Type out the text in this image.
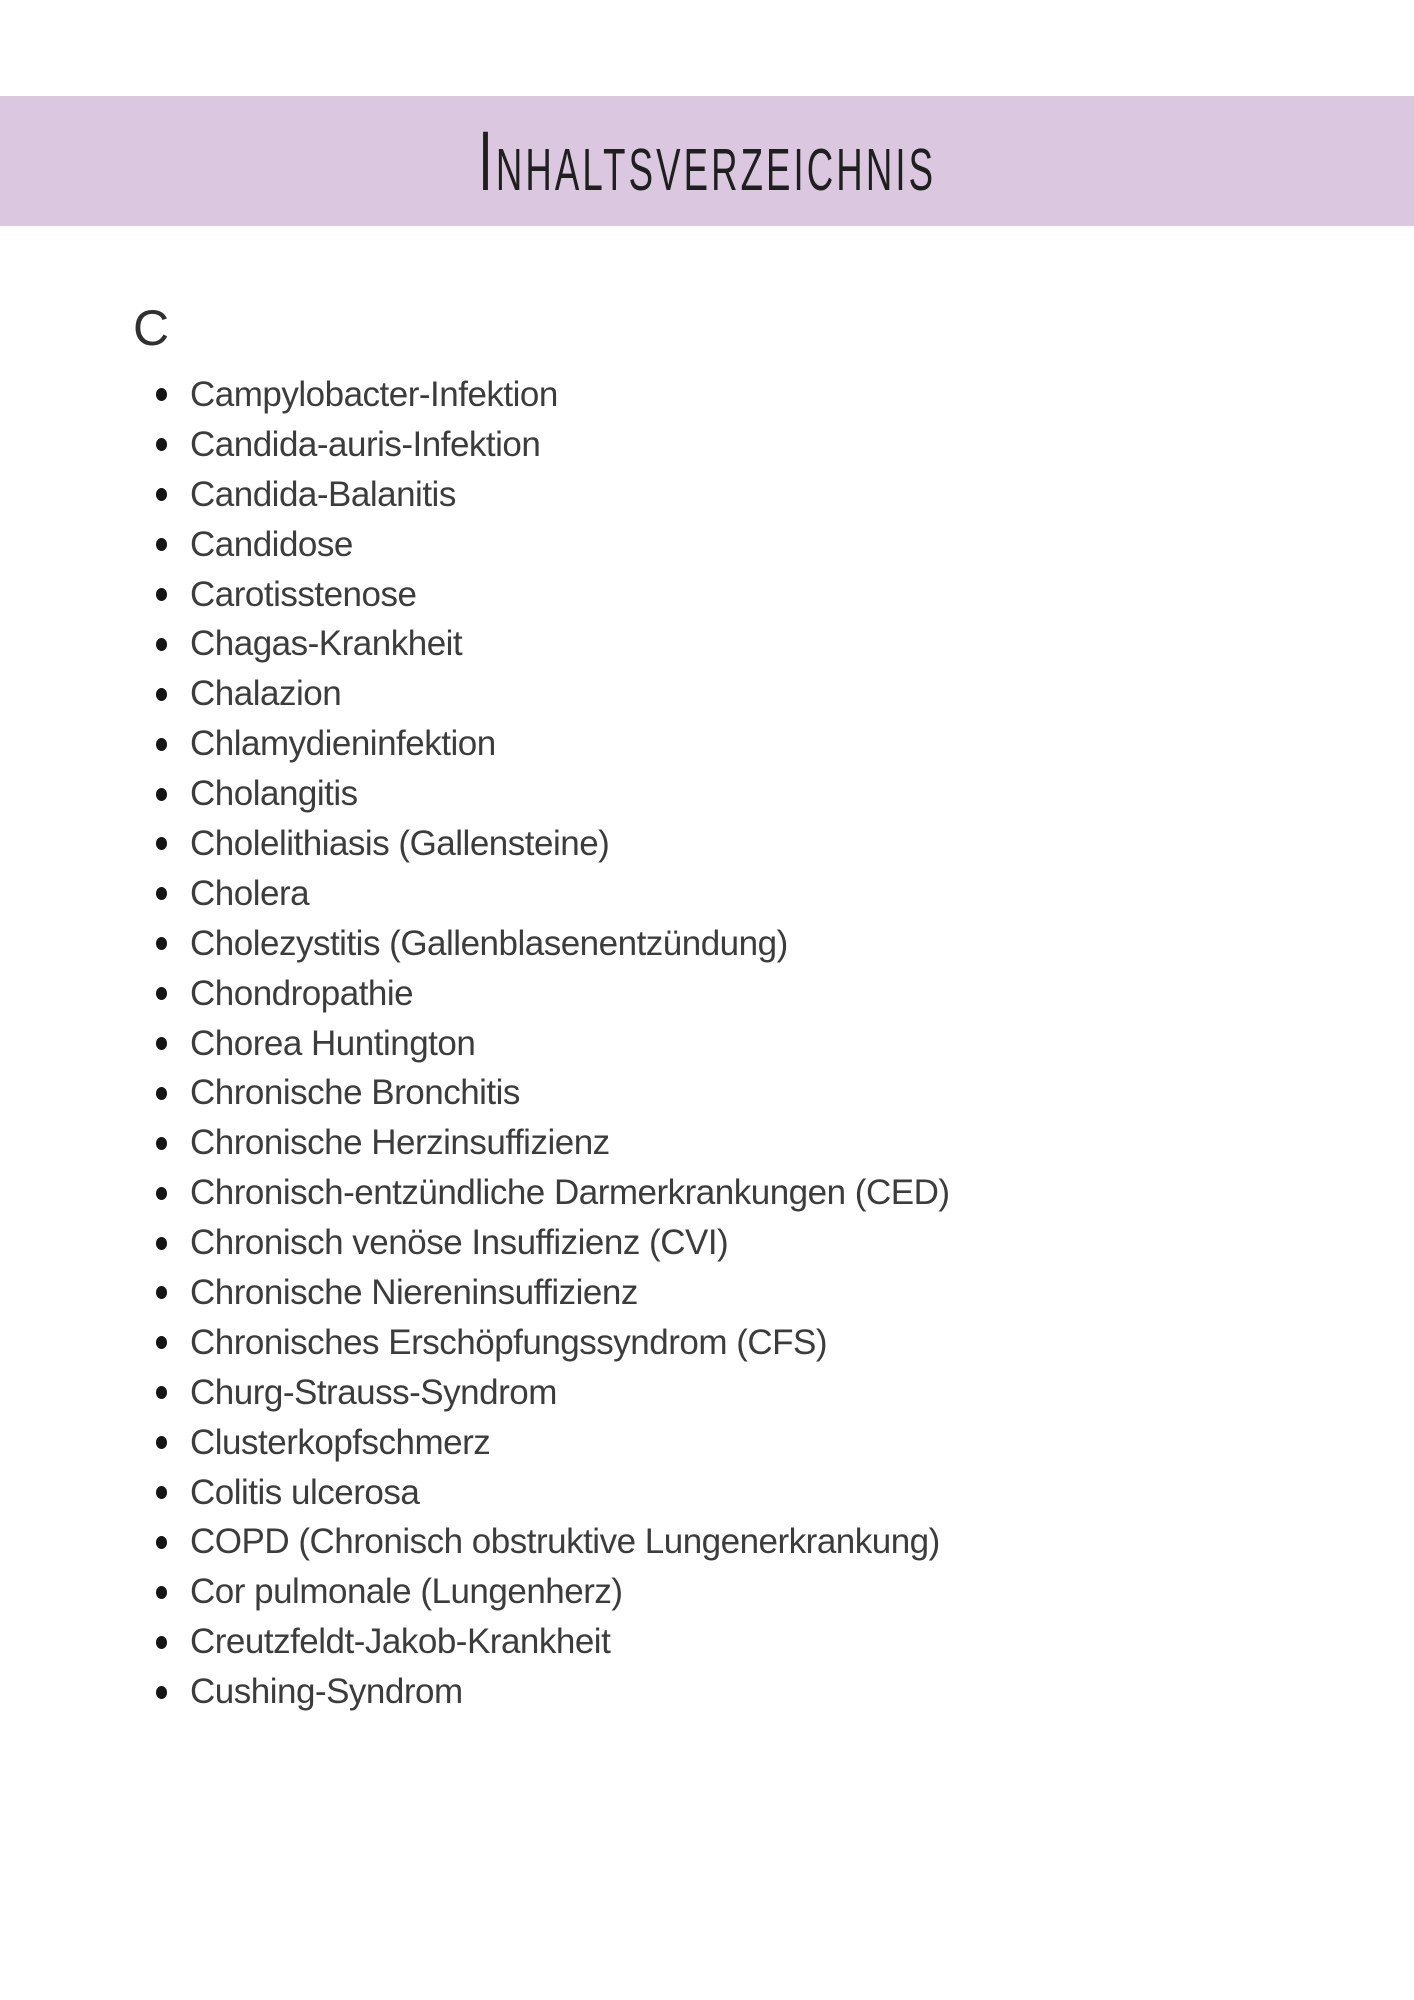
Inhaltsverzeichnis
C
Campylobacter-Infektion
Candida-auris-Infektion
Candida-Balanitis
Candidose
Carotisstenose
Chagas-Krankheit
Chalazion
Chlamydieninfektion
Cholangitis
Cholelithiasis (Gallensteine)
Cholera
Cholezystitis (Gallenblasenentzündung)
Chondropathie
Chorea Huntington
Chronische Bronchitis
Chronische Herzinsuffizienz
Chronisch-entzündliche Darmerkrankungen (CED)
Chronisch venöse Insuffizienz (CVI)
Chronische Niereninsuffizienz
Chronisches Erschöpfungssyndrom (CFS)
Churg-Strauss-Syndrom
Clusterkopfschmerz
Colitis ulcerosa
COPD (Chronisch obstruktive Lungenerkrankung)
Cor pulmonale (Lungenherz)
Creutzfeldt-Jakob-Krankheit
Cushing-Syndrom
